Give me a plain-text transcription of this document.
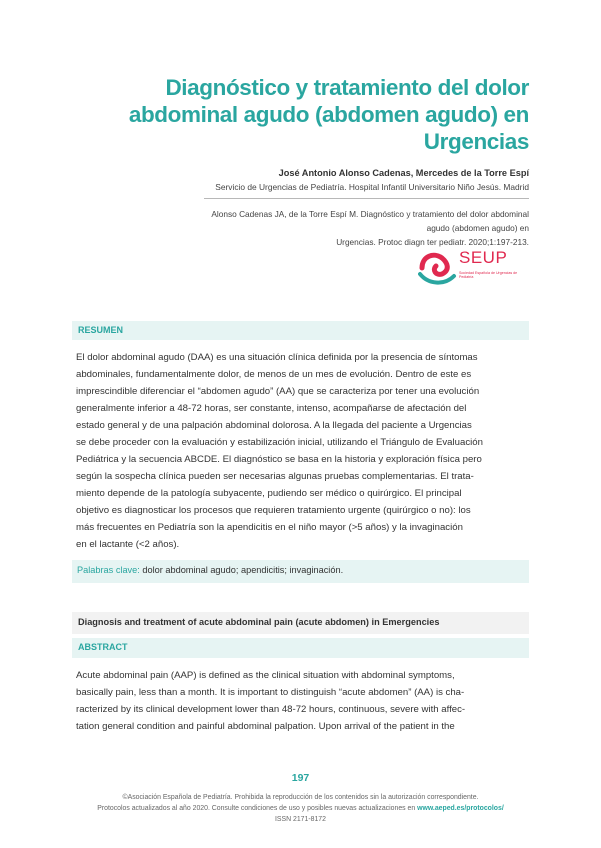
Diagnóstico y tratamiento del dolor
abdominal agudo (abdomen agudo) en
Urgencias
José Antonio Alonso Cadenas, Mercedes de la Torre Espí
Servicio de Urgencias de Pediatría. Hospital Infantil Universitario Niño Jesús. Madrid
Alonso Cadenas JA, de la Torre Espí M. Diagnóstico y tratamiento del dolor abdominal agudo (abdomen agudo) en
Urgencias. Protoc diagn ter pediatr. 2020;1:197-213.
SEUP
Sociedad Española de Urgencias de Pediatría
RESUMEN
El dolor abdominal agudo (DAA) es una situación clínica definida por la presencia de síntomas
abdominales, fundamentalmente dolor, de menos de un mes de evolución. Dentro de este es
imprescindible diferenciar el “abdomen agudo” (AA) que se caracteriza por tener una evolución
generalmente inferior a 48-72 horas, ser constante, intenso, acompañarse de afectación del
estado general y de una palpación abdominal dolorosa. A la llegada del paciente a Urgencias
se debe proceder con la evaluación y estabilización inicial, utilizando el Triángulo de Evaluación
Pediátrica y la secuencia ABCDE. El diagnóstico se basa en la historia y exploración física pero
según la sospecha clínica pueden ser necesarias algunas pruebas complementarias. El trata-
miento depende de la patología subyacente, pudiendo ser médico o quirúrgico. El principal
objetivo es diagnosticar los procesos que requieren tratamiento urgente (quirúrgico o no): los
más frecuentes en Pediatría son la apendicitis en el niño mayor (>5 años) y la invaginación
en el lactante (<2 años).
Palabras clave: dolor abdominal agudo; apendicitis; invaginación.
Diagnosis and treatment of acute abdominal pain (acute abdomen) in Emergencies
ABSTRACT
Acute abdominal pain (AAP) is defined as the clinical situation with abdominal symptoms,
basically pain, less than a month. It is important to distinguish “acute abdomen” (AA) is cha-
racterized by its clinical development lower than 48-72 hours, continuous, severe with affec-
tation general condition and painful abdominal palpation. Upon arrival of the patient in the
197
©Asociación Española de Pediatría. Prohibida la reproducción de los contenidos sin la autorización correspondiente.
Protocolos actualizados al año 2020. Consulte condiciones de uso y posibles nuevas actualizaciones en www.aeped.es/protocolos/
ISSN 2171-8172
